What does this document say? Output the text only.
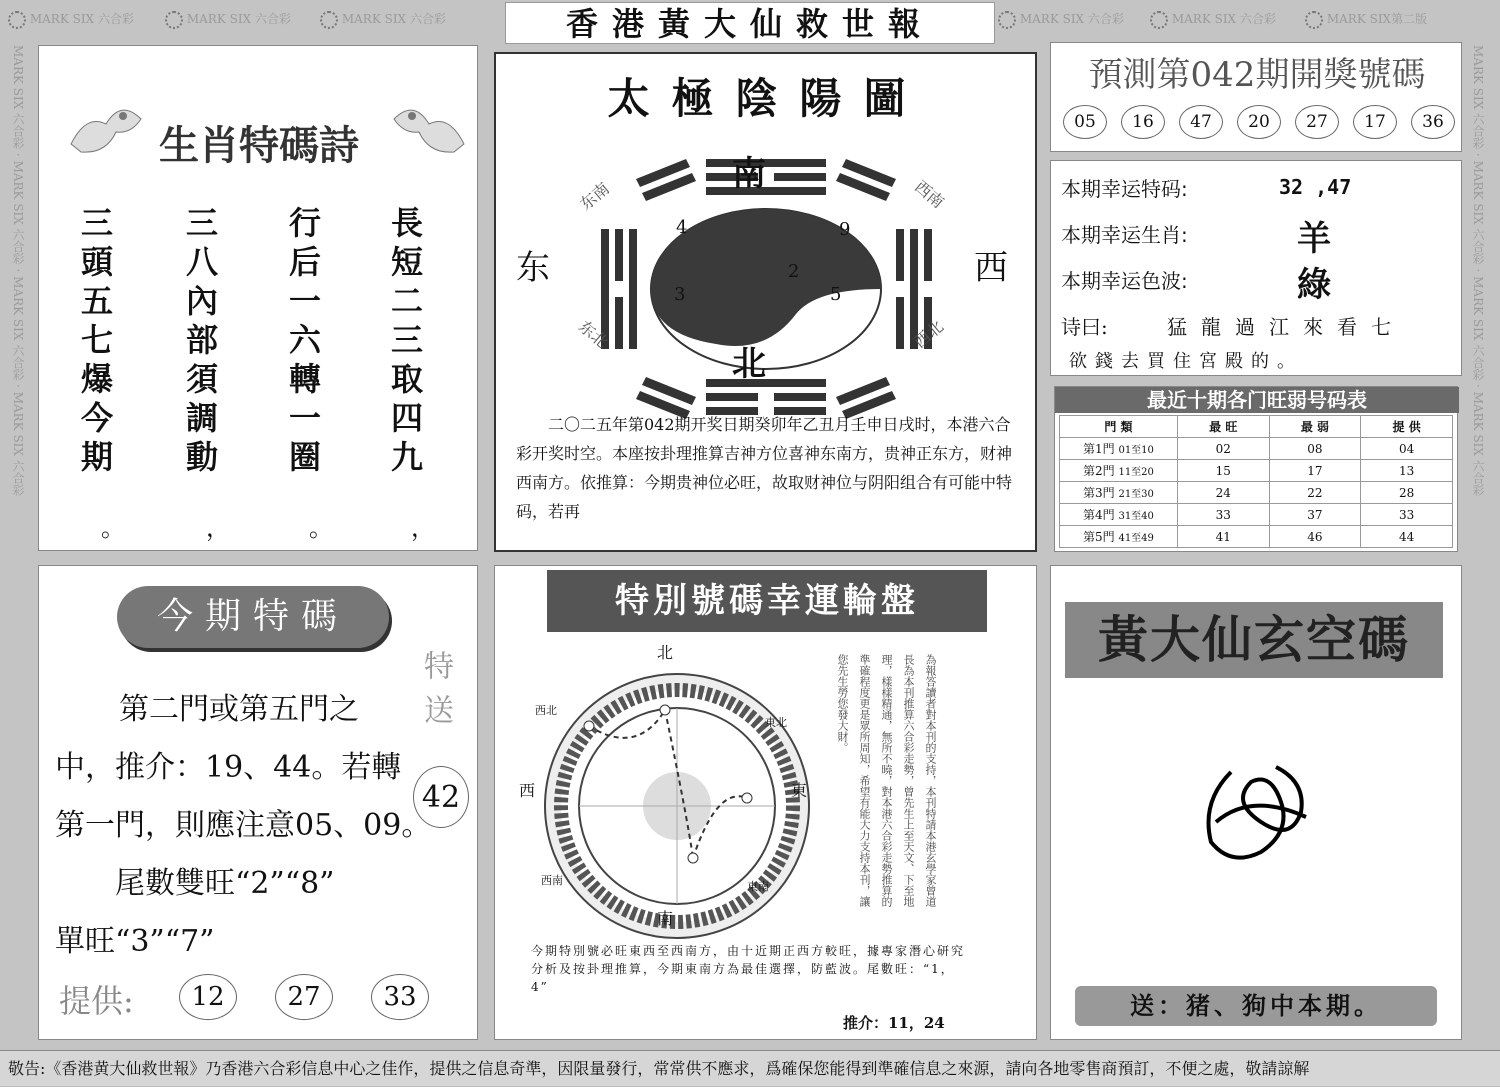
MARK SIX 六合彩	MARK SIX 六合彩	MARK SIX 六合彩	MARK SIX 六合彩	MARK SIX 六合彩	MARK SIX第二版
MARK SIX 六合彩 · MARK SIX 六合彩 · MARK SIX 六合彩 · MARK SIX 六合彩
MARK SIX 六合彩 · MARK SIX 六合彩 · MARK SIX 六合彩 · MARK SIX 六合彩
香港黃大仙救世報
生肖特碼詩
三頭五七爆今期 三八內部須調動 行后一六轉一圈 長短二三取四九
。	，	。	，
太極陰陽圖
南
北
东	西
东南	西南
东北	西北
4	9
2
3	5
二〇二五年第042期开奖日期癸卯年乙丑月壬申日戌时，本港六合彩开奖时空。本座按卦理推算吉神方位喜神东南方，贵神正东方，财神西南方。依推算：今期贵神位必旺，故取财神位与阴阳组合有可能中特码，若再
預測第042期開獎號碼
05	16	47	20	27	17	36
本期幸运特码:	32 ,47
本期幸运生肖:	羊
本期幸运色波:	綠
诗曰:	猛龍過江來看七
欲錢去買住宮殿的。
最近十期各门旺弱号码表
門 類	最 旺	最 弱	提 供
第1門 01至10	02	08	04
第2門 11至20	15	17	13
第3門 21至30	24	22	28
第4門 31至40	33	37	33
第5門 41至49	41	46	44
今期特碼
特送
42
第二門或第五門之
中，推介：19、44。若轉
第一門，則應注意05、09。
尾數雙旺“2”“8”
單旺“3”“7”
提供:	12	27	33
特別號碼幸運輪盤
北
南
西	東
西北
東北
西南	東南	為報答讀者對本刊的支持，本刊特請本港玄學家曾道長為本刊推算六合彩走勢，曾先生上至天文、下至地理，樣樣精通，無所不曉，對本港六合彩走勢推算的準確程度更是眾所周知，希望有能大力支持本刊，讓您先生勞您發大財。
今期特別號必旺東西至西南方，由十近期正西方較旺，據專家潛心研究分析及按卦理推算，今期東南方為最佳選擇，防藍波。尾數旺：“1，4”
推介：11，24
黃大仙玄空碼
送：猪、狗中本期。
敬告:《香港黄大仙救世報》乃香港六合彩信息中心之佳作，提供之信息奇準，因限量發行，常常供不應求，爲確保您能得到準確信息之來源，請向各地零售商預訂，不便之處，敬請諒解
